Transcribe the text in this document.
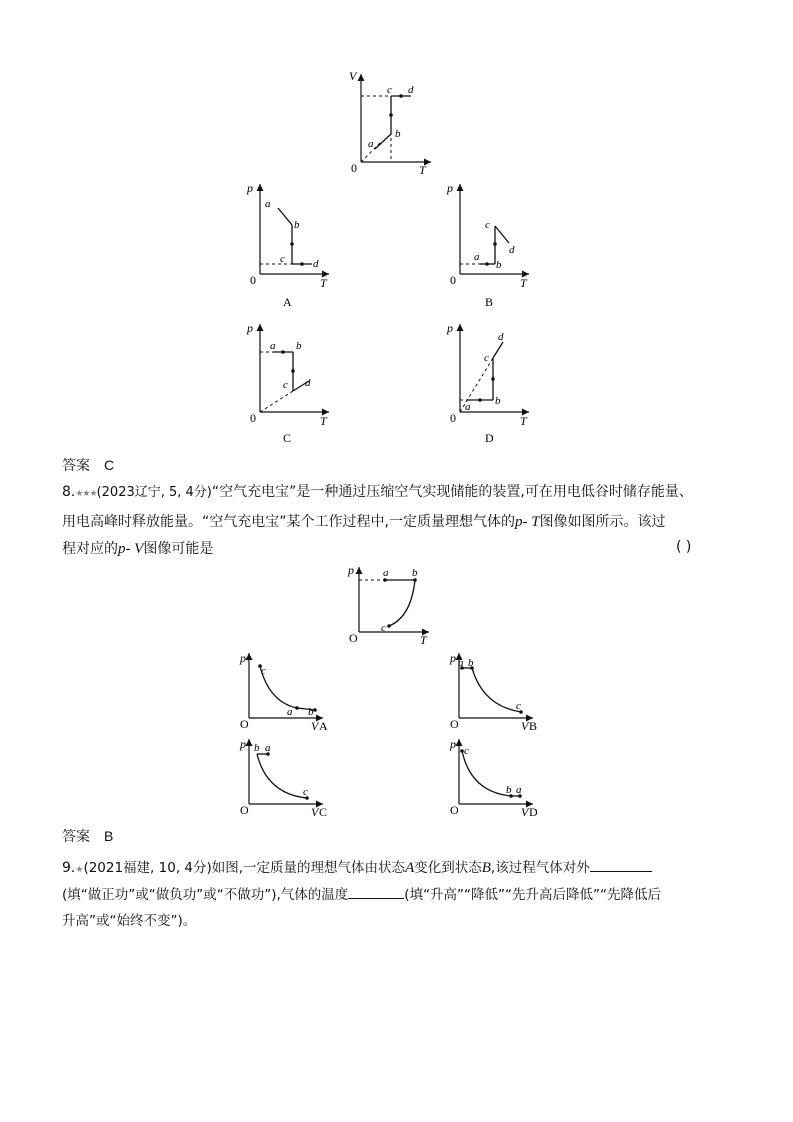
V
T
0
a
b
c d
p
T
0
a
b
c	d
A
p
T
0
a
b
c
d
B
p
T
0
a b
c d
C
p
T
0
a b
c
d
D
答案 C
8.★★★(2023辽宁, 5, 4分)“空气充电宝”是一种通过压缩空气实现储能的装置,可在用电低谷时储存能量、
用电高峰时释放能量。“空气充电宝”某个工作过程中,一定质量理想气体的p- T图像如图所示。该过
程对应的p- V图像可能是	( )
p
T
O
a b
c
p
V
O
c
a b
A
p
V
O
a b
c
B
p
V
O
b a
c
C
p
V
O
c
b a
D
答案 B
9.★(2021福建, 10, 4分)如图,一定质量的理想气体由状态A变化到状态B,该过程气体对外
(填“做正功”或“做负功”或“不做功”),气体的温度	(填“升高”“降低”“先升高后降低”“先降低后
升高”或“始终不变”)。
